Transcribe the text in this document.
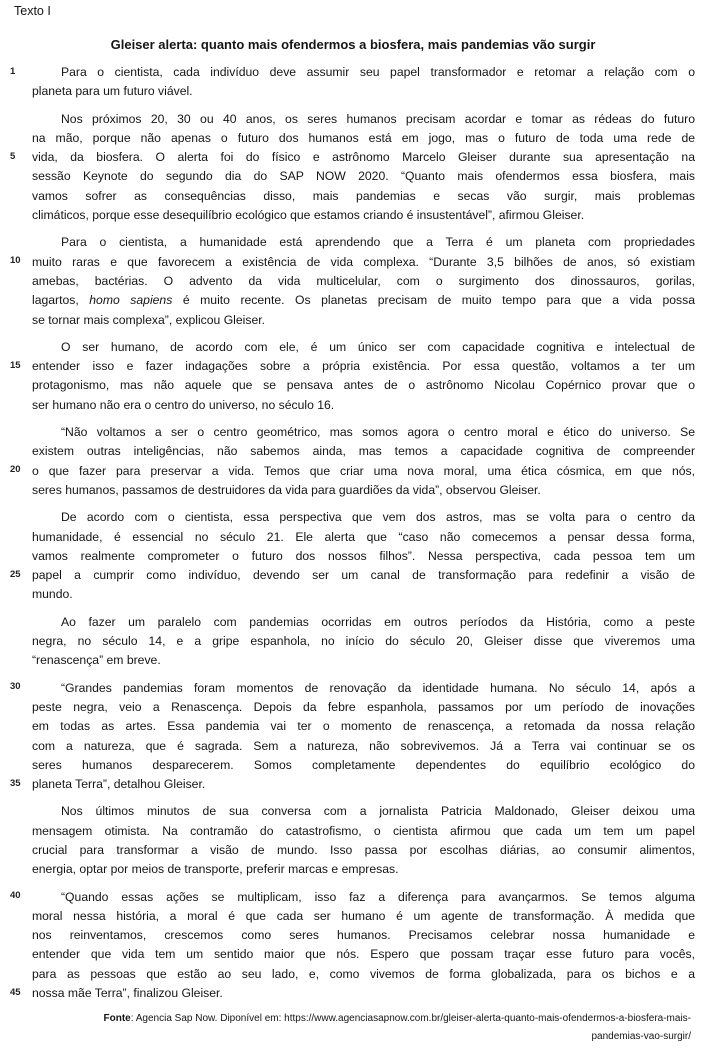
Texto I
Gleiser alerta: quanto mais ofendermos a biosfera, mais pandemias vão surgir
1	Para o cientista, cada indivíduo deve assumir seu papel transformador e retomar a relação com o
planeta para um futuro viável.
Nos próximos 20, 30 ou 40 anos, os seres humanos precisam acordar e tomar as rédeas do futuro
na mão, porque não apenas o futuro dos humanos está em jogo, mas o futuro de toda uma rede de
5	vida, da biosfera. O alerta foi do físico e astrônomo Marcelo Gleiser durante sua apresentação na
sessão Keynote do segundo dia do SAP NOW 2020. “Quanto mais ofendermos essa biosfera, mais
vamos sofrer as consequências disso, mais pandemias e secas vão surgir, mais problemas
climáticos, porque esse desequilíbrio ecológico que estamos criando é insustentável”, afirmou Gleiser.
Para o cientista, a humanidade está aprendendo que a Terra é um planeta com propriedades
10 muito raras e que favorecem a existência de vida complexa. “Durante 3,5 bilhões de anos, só existiam
amebas, bactérias. O advento da vida multicelular, com o surgimento dos dinossauros, gorilas,
lagartos, homo sapiens é muito recente. Os planetas precisam de muito tempo para que a vida possa
se tornar mais complexa”, explicou Gleiser.
O ser humano, de acordo com ele, é um único ser com capacidade cognitiva e intelectual de
15 entender isso e fazer indagações sobre a própria existência. Por essa questão, voltamos a ter um
protagonismo, mas não aquele que se pensava antes de o astrônomo Nicolau Copérnico provar que o
ser humano não era o centro do universo, no século 16.
“Não voltamos a ser o centro geométrico, mas somos agora o centro moral e ético do universo. Se
existem outras inteligências, não sabemos ainda, mas temos a capacidade cognitiva de compreender
20 o que fazer para preservar a vida. Temos que criar uma nova moral, uma ética cósmica, em que nós,
seres humanos, passamos de destruidores da vida para guardiões da vida”, observou Gleiser.
De acordo com o cientista, essa perspectiva que vem dos astros, mas se volta para o centro da
humanidade, é essencial no século 21. Ele alerta que “caso não comecemos a pensar dessa forma,
vamos realmente comprometer o futuro dos nossos filhos”. Nessa perspectiva, cada pessoa tem um
25 papel a cumprir como indivíduo, devendo ser um canal de transformação para redefinir a visão de
mundo.
Ao fazer um paralelo com pandemias ocorridas em outros períodos da História, como a peste
negra, no século 14, e a gripe espanhola, no início do século 20, Gleiser disse que viveremos uma
“renascença” em breve.
30	“Grandes pandemias foram momentos de renovação da identidade humana. No século 14, após a
peste negra, veio a Renascença. Depois da febre espanhola, passamos por um período de inovações
em todas as artes. Essa pandemia vai ter o momento de renascença, a retomada da nossa relação
com a natureza, que é sagrada. Sem a natureza, não sobrevivemos. Já a Terra vai continuar se os
seres humanos desparecerem. Somos completamente dependentes do equilíbrio ecológico do
35 planeta Terra”, detalhou Gleiser.
Nos últimos minutos de sua conversa com a jornalista Patricia Maldonado, Gleiser deixou uma
mensagem otimista. Na contramão do catastrofismo, o cientista afirmou que cada um tem um papel
crucial para transformar a visão de mundo. Isso passa por escolhas diárias, ao consumir alimentos,
energia, optar por meios de transporte, preferir marcas e empresas.
40	“Quando essas ações se multiplicam, isso faz a diferença para avançarmos. Se temos alguma
moral nessa história, a moral é que cada ser humano é um agente de transformação. À medida que
nos reinventamos, crescemos como seres humanos. Precisamos celebrar nossa humanidade e
entender que vida tem um sentido maior que nós. Espero que possam traçar esse futuro para vocês,
para as pessoas que estão ao seu lado, e, como vivemos de forma globalizada, para os bichos e a
45 nossa mãe Terra”, finalizou Gleiser.
Fonte: Agencia Sap Now. Diponível em: https://www.agenciasapnow.com.br/gleiser-alerta-quanto-mais-ofendermos-a-biosfera-mais-
pandemias-vao-surgir/
